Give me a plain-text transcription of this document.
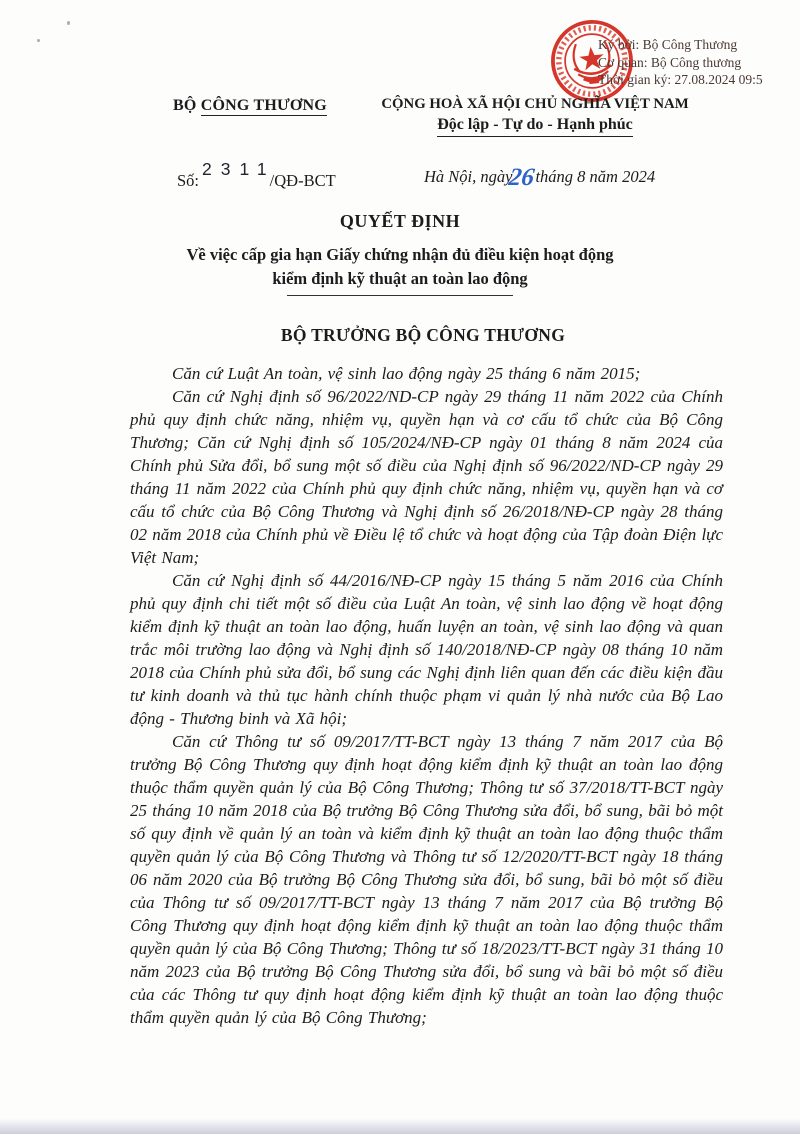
Ký bởi: Bộ Công Thương
Cơ quan: Bộ Công thương
Thời gian ký: 27.08.2024 09:5
BỘ CÔNG THƯƠNG	CỘNG HOÀ XÃ HỘI CHỦ NGHĨA VIỆT NAM
Độc lập - Tự do - Hạnh phúc
Số:2311/QĐ-BCT	Hà Nội, ngày26tháng 8 năm 2024
QUYẾT ĐỊNH
Về việc cấp gia hạn Giấy chứng nhận đủ điều kiện hoạt động
kiểm định kỹ thuật an toàn lao động
BỘ TRƯỞNG BỘ CÔNG THƯƠNG

Căn cứ Luật An toàn, vệ sinh lao động ngày 25 tháng 6 năm 2015;

Căn cứ Nghị định số 96/2022/ND-CP ngày 29 tháng 11 năm 2022 của Chính phủ quy định chức năng, nhiệm vụ, quyền hạn và cơ cấu tổ chức của Bộ Công Thương; Căn cứ Nghị định số 105/2024/NĐ-CP ngày 01 tháng 8 năm 2024 của Chính phủ Sửa đổi, bổ sung một số điều của Nghị định số 96/2022/ND-CP ngày 29 tháng 11 năm 2022 của Chính phủ quy định chức năng, nhiệm vụ, quyền hạn và cơ cấu tổ chức của Bộ Công Thương và Nghị định số 26/2018/NĐ-CP ngày 28 tháng 02 năm 2018 của Chính phủ về Điều lệ tổ chức và hoạt động của Tập đoàn Điện lực Việt Nam;

Căn cứ Nghị định số 44/2016/NĐ-CP ngày 15 tháng 5 năm 2016 của Chính phủ quy định chi tiết một số điều của Luật An toàn, vệ sinh lao động về hoạt động kiểm định kỹ thuật an toàn lao động, huấn luyện an toàn, vệ sinh lao động và quan trắc môi trường lao động và Nghị định số 140/2018/NĐ-CP ngày 08 tháng 10 năm 2018 của Chính phủ sửa đổi, bổ sung các Nghị định liên quan đến các điều kiện đầu tư kinh doanh và thủ tục hành chính thuộc phạm vi quản lý nhà nước của Bộ Lao động - Thương binh và Xã hội;

Căn cứ Thông tư số 09/2017/TT-BCT ngày 13 tháng 7 năm 2017 của Bộ trưởng Bộ Công Thương quy định hoạt động kiểm định kỹ thuật an toàn lao động thuộc thẩm quyền quản lý của Bộ Công Thương; Thông tư số 37/2018/TT-BCT ngày 25 tháng 10 năm 2018 của Bộ trưởng Bộ Công Thương sửa đổi, bổ sung, bãi bỏ một số quy định về quản lý an toàn và kiểm định kỹ thuật an toàn lao động thuộc thẩm quyền quản lý của Bộ Công Thương và Thông tư số 12/2020/TT-BCT ngày 18 tháng 06 năm 2020 của Bộ trưởng Bộ Công Thương sửa đổi, bổ sung, bãi bỏ một số điều của Thông tư số 09/2017/TT-BCT ngày 13 tháng 7 năm 2017 của Bộ trưởng Bộ Công Thương quy định hoạt động kiểm định kỹ thuật an toàn lao động thuộc thẩm quyền quản lý của Bộ Công Thương; Thông tư số 18/2023/TT-BCT ngày 31 tháng 10 năm 2023 của Bộ trưởng Bộ Công Thương sửa đổi, bổ sung và bãi bỏ một số điều của các Thông tư quy định hoạt động kiểm định kỹ thuật an toàn lao động thuộc thẩm quyền quản lý của Bộ Công Thương;
